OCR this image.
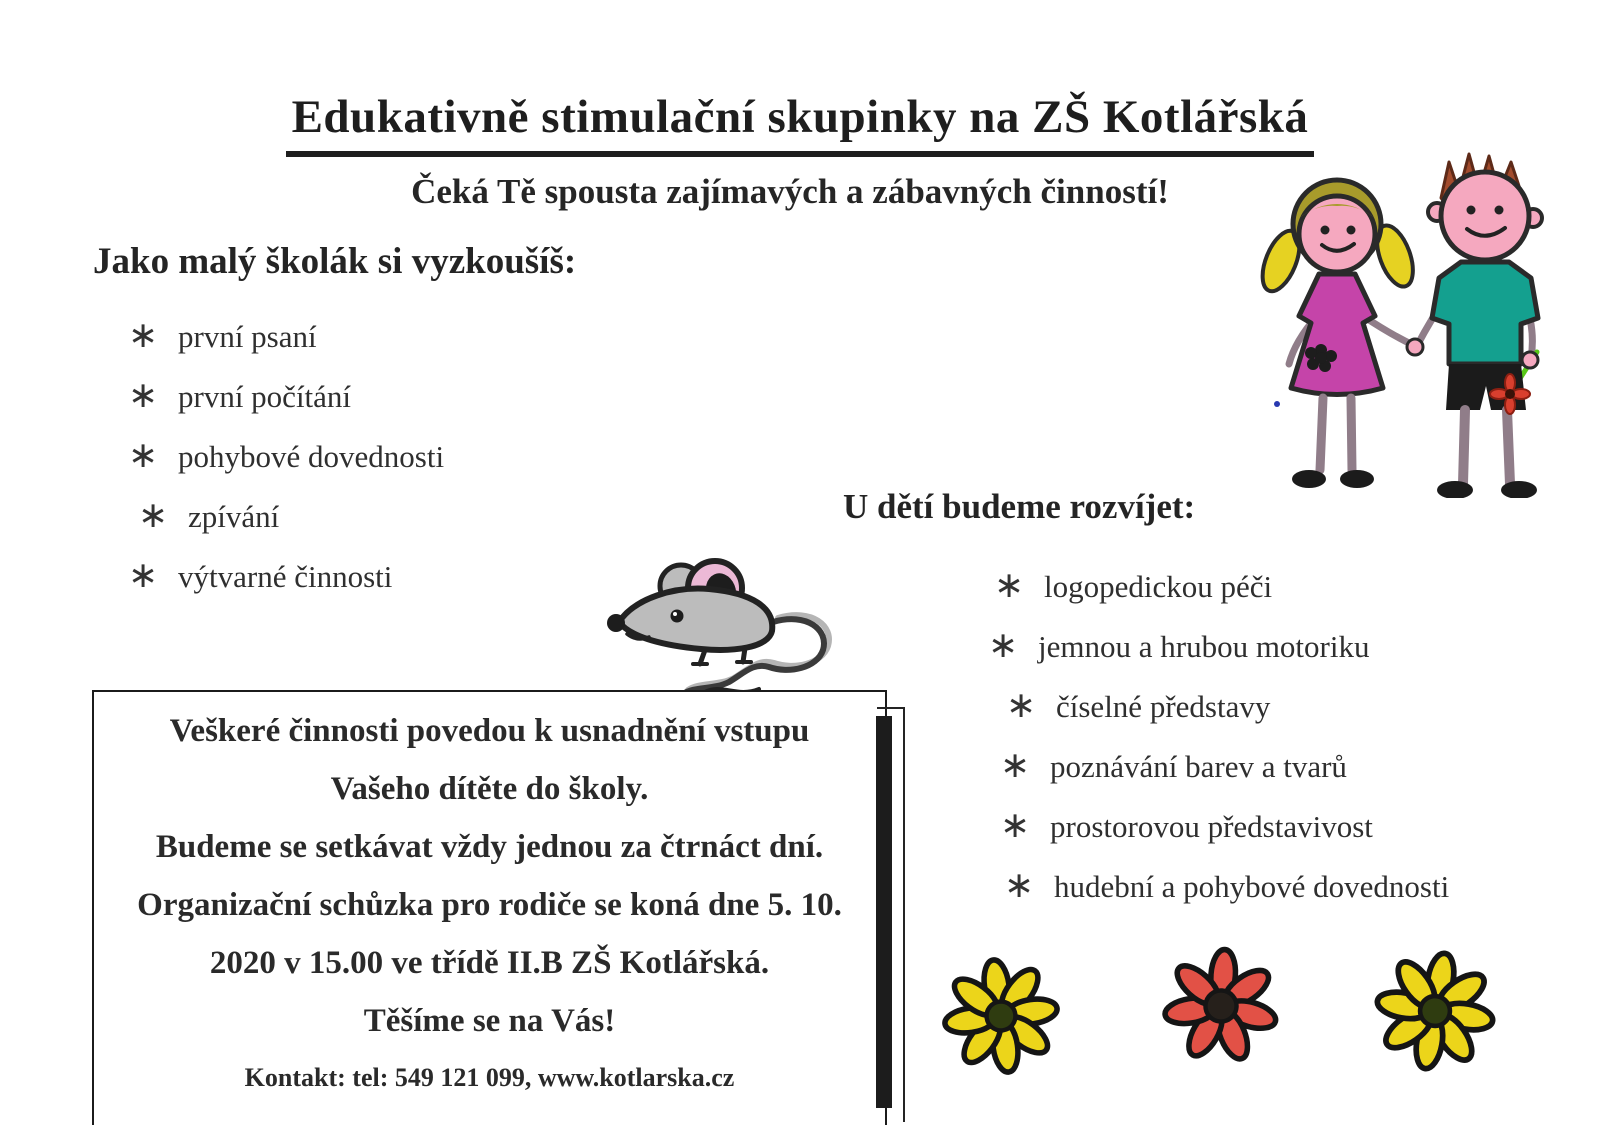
Edukativně stimulační skupinky na ZŠ Kotlářská
Čeká Tě spousta zajímavých a zábavných činností!
Jako malý školák si vyzkoušíš:
∗ první psaní
∗ první počítání
∗ pohybové dovednosti
∗ zpívání
∗ výtvarné činnosti
U dětí budeme rozvíjet:
∗ logopedickou péči
∗ jemnou a hrubou motoriku
∗ číselné představy
∗ poznávání barev a tvarů
∗ prostorovou představivost
∗ hudební a pohybové dovednosti
Veškeré činnosti povedou k usnadnění vstupu
Vašeho dítěte do školy.
Budeme se setkávat vždy jednou za čtrnáct dní.
Organizační schůzka pro rodiče se koná dne 5. 10.
2020 v 15.00 ve třídě II.B ZŠ Kotlářská.
Těšíme se na Vás!
Kontakt: tel: 549 121 099, www.kotlarska.cz
